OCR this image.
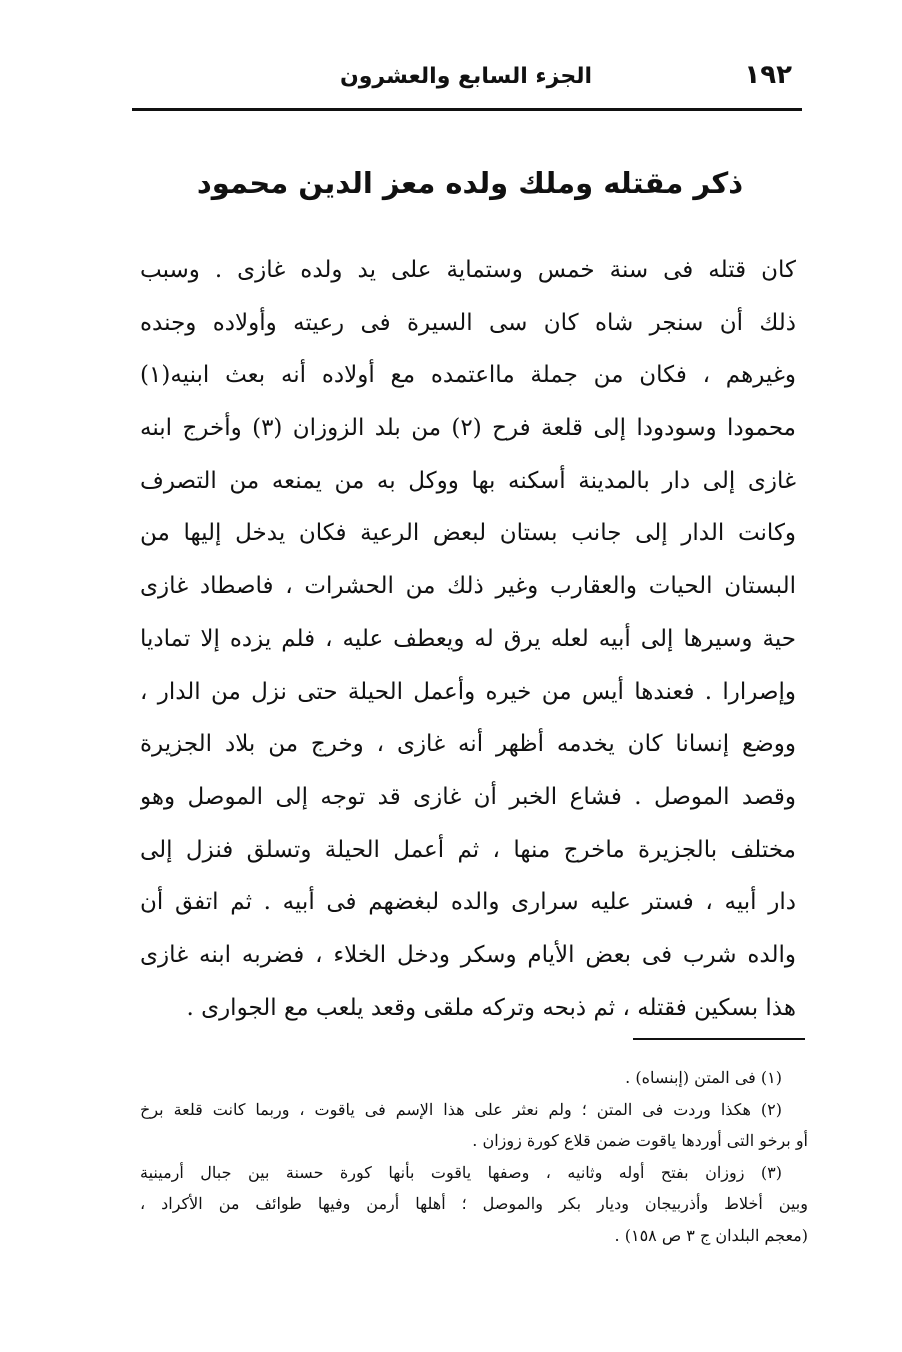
١٩٢
الجزء السابع والعشرون
ذكر مقتله وملك ولده معز الدين محمود
كان قتله فى سنة خمس وستماية على يد ولده غازى . وسبب
ذلك أن سنجر شاه كان سى السيرة فى رعيته وأولاده وجنده
وغيرهم ، فكان من جملة مااعتمده مع أولاده أنه بعث ابنيه(١)
محمودا وسودودا إلى قلعة فرح (٢) من بلد الزوزان (٣) وأخرج ابنه
غازى إلى دار بالمدينة أسكنه بها ووكل به من يمنعه من التصرف
وكانت الدار إلى جانب بستان لبعض الرعية فكان يدخل إليها من
البستان الحيات والعقارب وغير ذلك من الحشرات ، فاصطاد غازى
حية وسيرها إلى أبيه لعله يرق له ويعطف عليه ، فلم يزده إلا تماديا
وإصرارا . فعندها أيس من خيره وأعمل الحيلة حتى نزل من الدار ،
ووضع إنسانا كان يخدمه أظهر أنه غازى ، وخرج من بلاد الجزيرة
وقصد الموصل . فشاع الخبر أن غازى قد توجه إلى الموصل وهو
مختلف بالجزيرة ماخرج منها ، ثم أعمل الحيلة وتسلق فنزل إلى
دار أبيه ، فستر عليه سرارى والده لبغضهم فى أبيه . ثم اتفق أن
والده شرب فى بعض الأيام وسكر ودخل الخلاء ، فضربه ابنه غازى
هذا بسكين فقتله ، ثم ذبحه وتركه ملقى وقعد يلعب مع الجوارى .
(١) فى المتن (إبنساه) .
(٢) هكذا وردت فى المتن ؛ ولم نعثر على هذا الإسم فى ياقوت ، وربما كانت قلعة برخ
أو برخو التى أوردها ياقوت ضمن قلاع كورة زوزان .
(٣) زوزان بفتح أوله وثانيه ، وصفها ياقوت بأنها كورة حسنة بين جبال أرمينية
وبين أخلاط وأذربيجان وديار بكر والموصل ؛ أهلها أرمن وفيها طوائف من الأكراد ،
(معجم البلدان ج ٣ ص ١٥٨) .
